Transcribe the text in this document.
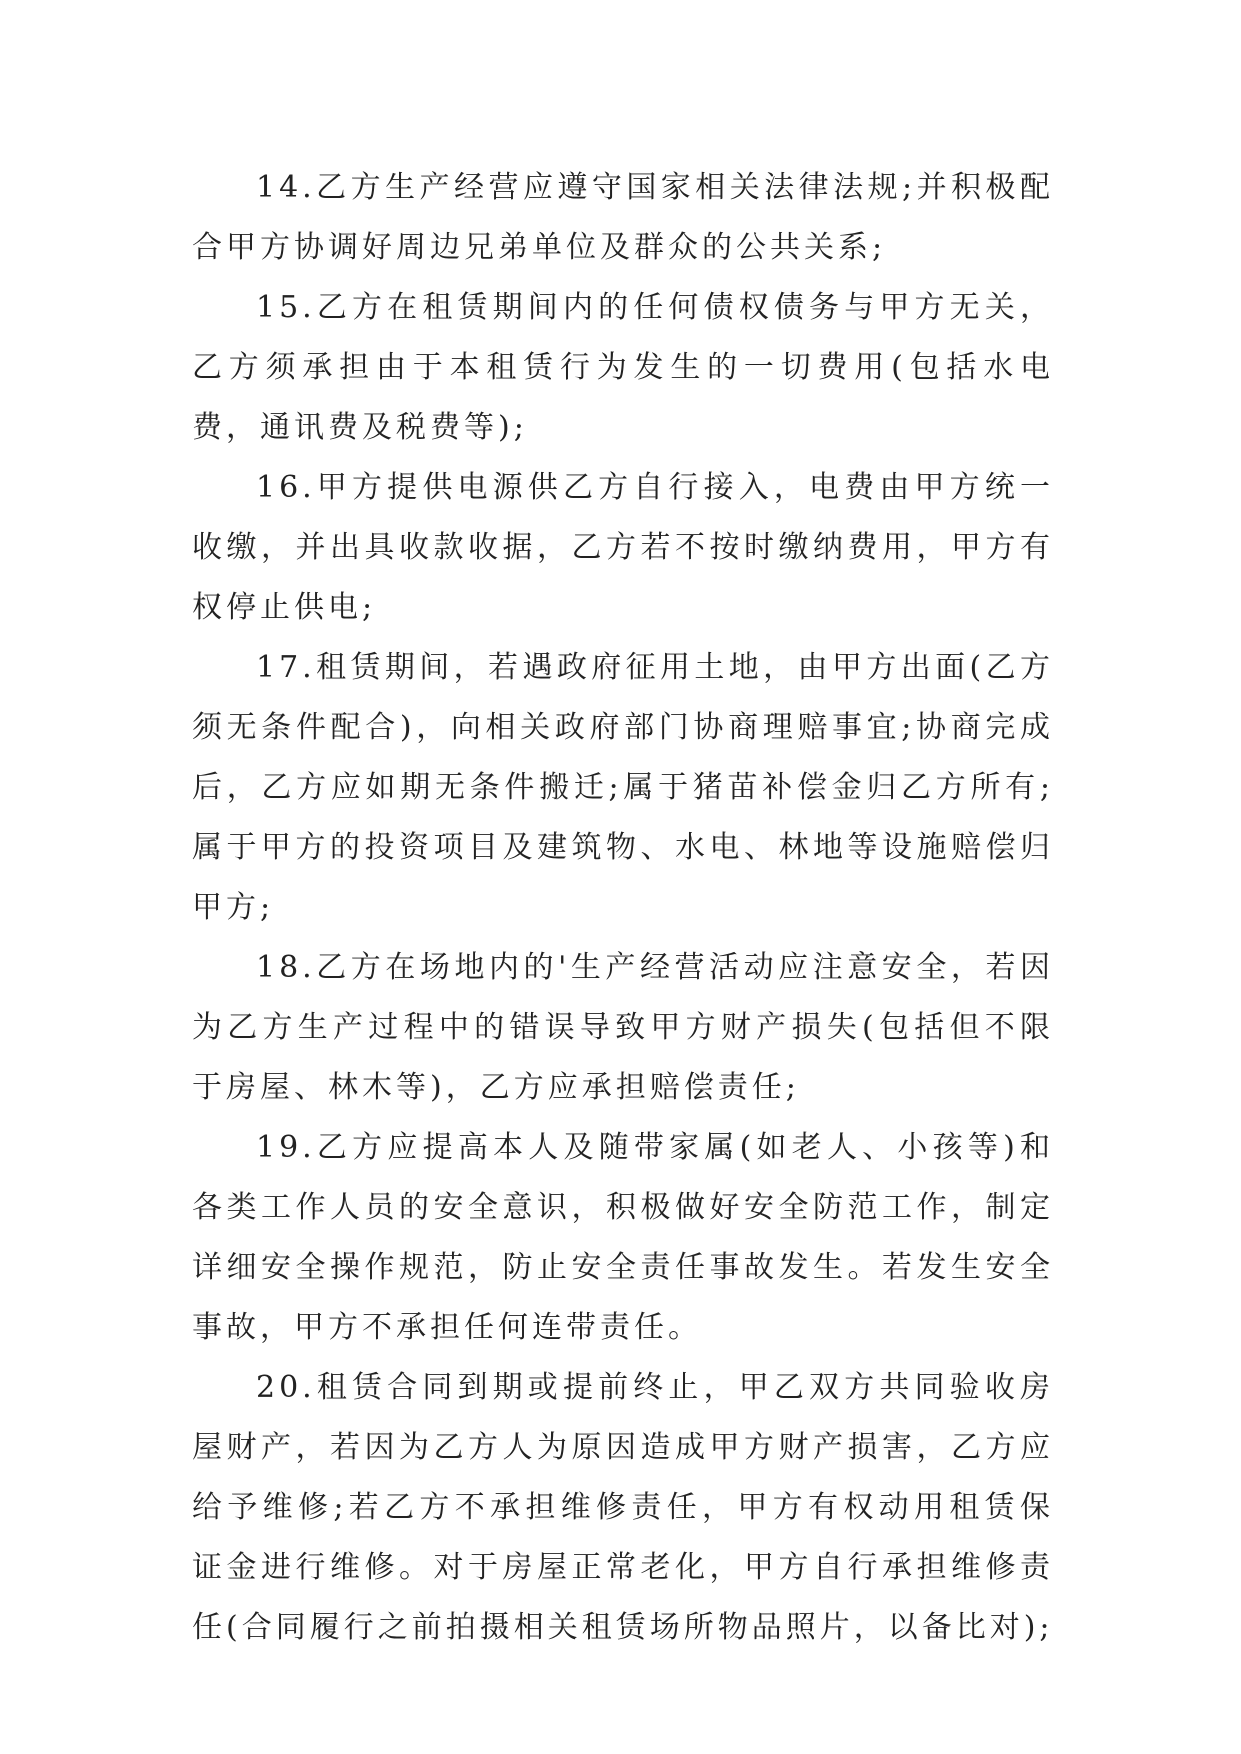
14.乙方生产经营应遵守国家相关法律法规;并积极配合甲方协调好周边兄弟单位及群众的公共关系;

15.乙方在租赁期间内的任何债权债务与甲方无关，乙方须承担由于本租赁行为发生的一切费用(包括水电费，通讯费及税费等);

16.甲方提供电源供乙方自行接入，电费由甲方统一收缴，并出具收款收据，乙方若不按时缴纳费用，甲方有权停止供电;

17.租赁期间，若遇政府征用土地，由甲方出面(乙方须无条件配合)，向相关政府部门协商理赔事宜;协商完成后，乙方应如期无条件搬迁;属于猪苗补偿金归乙方所有;属于甲方的投资项目及建筑物、水电、林地等设施赔偿归甲方;

18.乙方在场地内的'生产经营活动应注意安全，若因为乙方生产过程中的错误导致甲方财产损失(包括但不限于房屋、林木等)，乙方应承担赔偿责任;

19.乙方应提高本人及随带家属(如老人、小孩等)和各类工作人员的安全意识，积极做好安全防范工作，制定详细安全操作规范，防止安全责任事故发生。若发生安全事故，甲方不承担任何连带责任。

20.租赁合同到期或提前终止，甲乙双方共同验收房屋财产，若因为乙方人为原因造成甲方财产损害，乙方应给予维修;若乙方不承担维修责任，甲方有权动用租赁保证金进行维修。对于房屋正常老化，甲方自行承担维修责任(合同履行之前拍摄相关租赁场所物品照片，以备比对);
